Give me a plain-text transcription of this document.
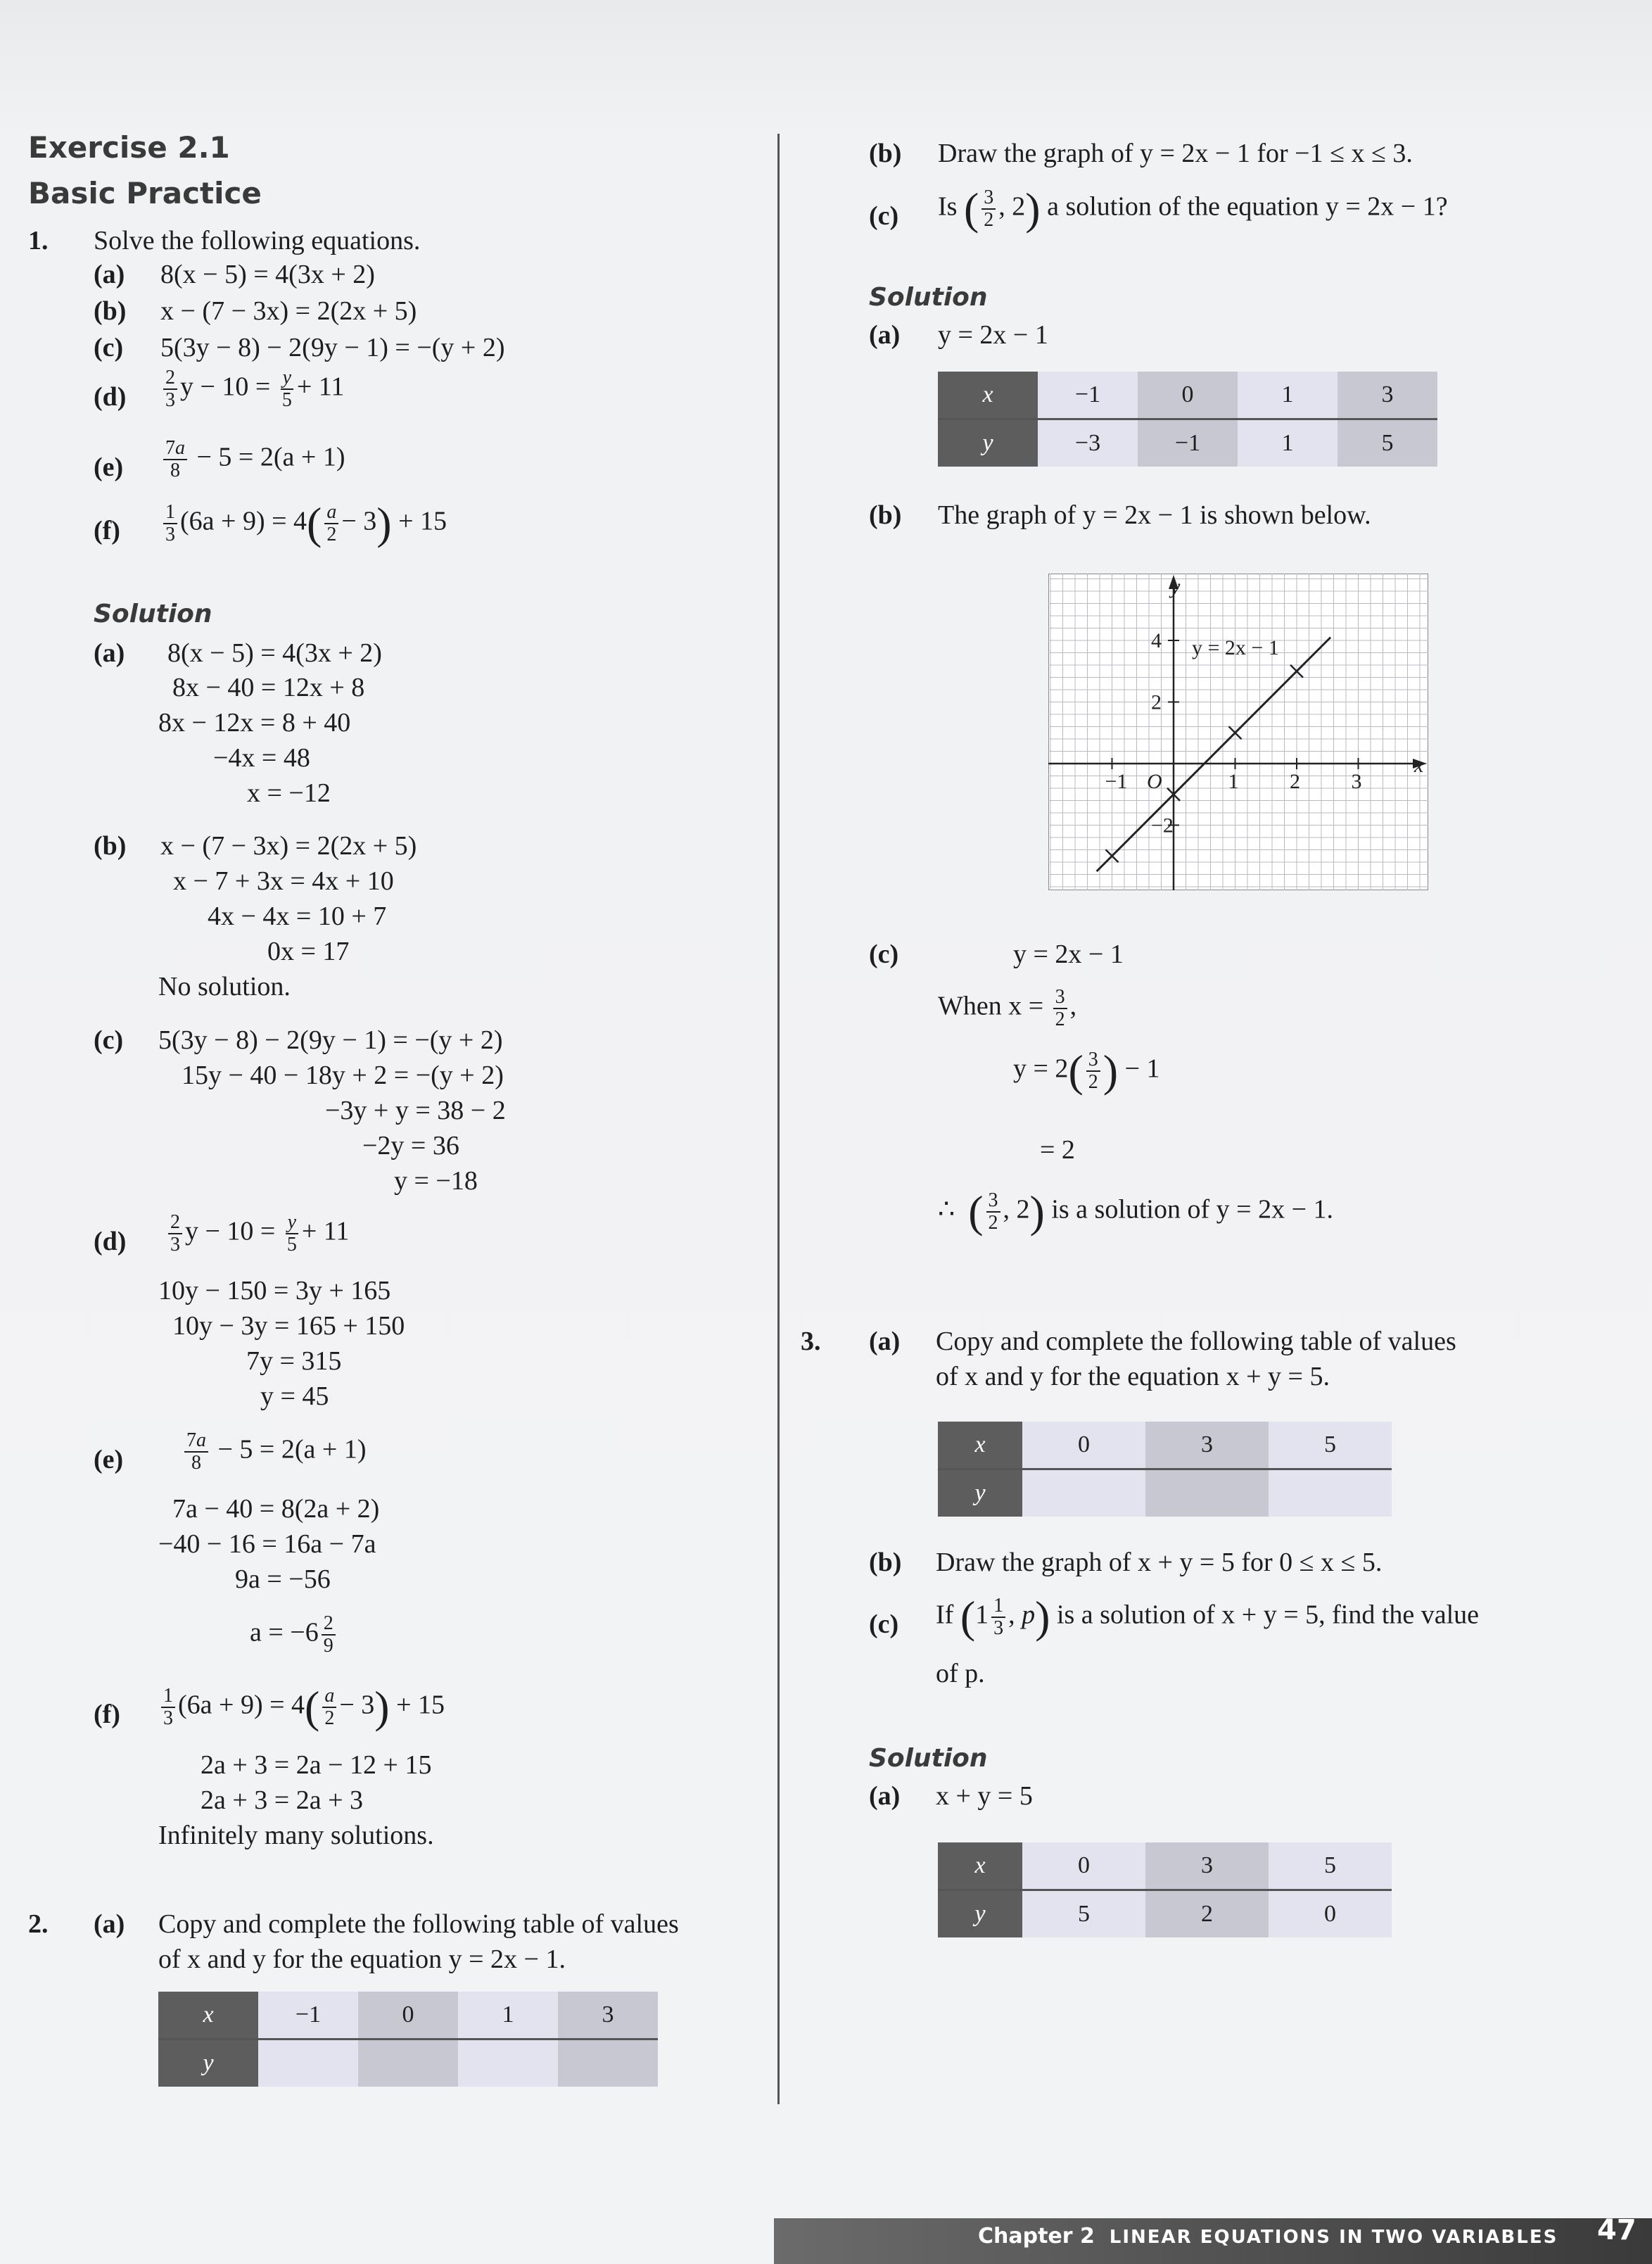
Exercise 2.1
Basic Practice
1. Solve the following equations.
(a) 8(x − 5) = 4(3x + 2)
(b) x − (7 − 3x) = 2(2x + 5)
(c) 5(3y − 8) − 2(9y − 1) = −(y + 2)
$(d) \frac{2}{3}$ $y - 10 = \frac{y}{5} + 11$
$(e) \frac{7a}{8} - 5 = 2(a + 1)$
$(f) \frac{1}{3} (6a + 9) = 4( \frac{a}{2} - 3) + 15$
Solution
(a) 8(x − 5) = 4(3x + 2)
8x − 40 = 12x + 8
8x − 12x = 8 + 40
−4x = 48
x = −12
(b) x − (7 − 3x) = 2(2x + 5)
x − 7 + 3x = 4x + 10
4x − 4x = 10 + 7
0x = 17
No solution.
(c) 5(3y − 8) − 2(9y − 1) = −(y + 2)
15y − 40 − 18y + 2 = −(y + 2)
−3y + y = 38 − 2
−2y = 36
y = −18
$(d) \frac{2}{3}$ $y - 10 = \frac{y}{5} + 11$
10y − 150 = 3y + 165
10y − 3y = 165 + 150
7y = 315
y = 45
(e)	$\frac{7a}{8} - 5 = 2(a + 1)$
7a − 40 = 8(2a + 2)
−40 − 16 = 16a − 7a
9a = −56
$a = -6 \frac{2}{9}$
$(f) \frac{1}{3} (6a + 9) = 4( \frac{a}{2} - 3) + 15$
2a + 3 = 2a − 12 + 15
2a + 3 = 2a + 3
Infinitely many solutions.
2. (a) Copy and complete the following table of values
of x and y for the equation y = 2x − 1.
x	−1	0	1	3
y				
(b) Draw the graph of y = 2x − 1 for −1 ≤ x ≤ 3.
(c) Is ( $\frac{3}{2}$ , 2) a solution of the equation y = 2x − 1?
Solution
(a) y = 2x − 1
x	−1	0	1	3
y	−3	−1	1	5
(b) The graph of y = 2x − 1 is shown below.
−1	1 2 3
4
2
−2
O
x
y
y = 2x − 1
(c)	y = 2x − 1
When $x = \frac{3}{2}$ ,
$y = 2( \frac{3}{2}$ ) − 1
= 2
∴ ( $\frac{3}{2}$ , 2) is a solution of y = 2x − 1.
3. (a) Copy and complete the following table of values
of x and y for the equation x + y = 5.
x	0	3	5
y			
(b) Draw the graph of x + y = 5 for 0 ≤ x ≤ 5.
(c) If ($1 \frac{1}{3}$ , p) is a solution of x + y = 5, find the value
of p.
Solution
(a) x + y = 5
x	0	3	5
y	5	2	0
Chapter 2 LINEAR EQUATIONS IN TWO VARIABLES 47
